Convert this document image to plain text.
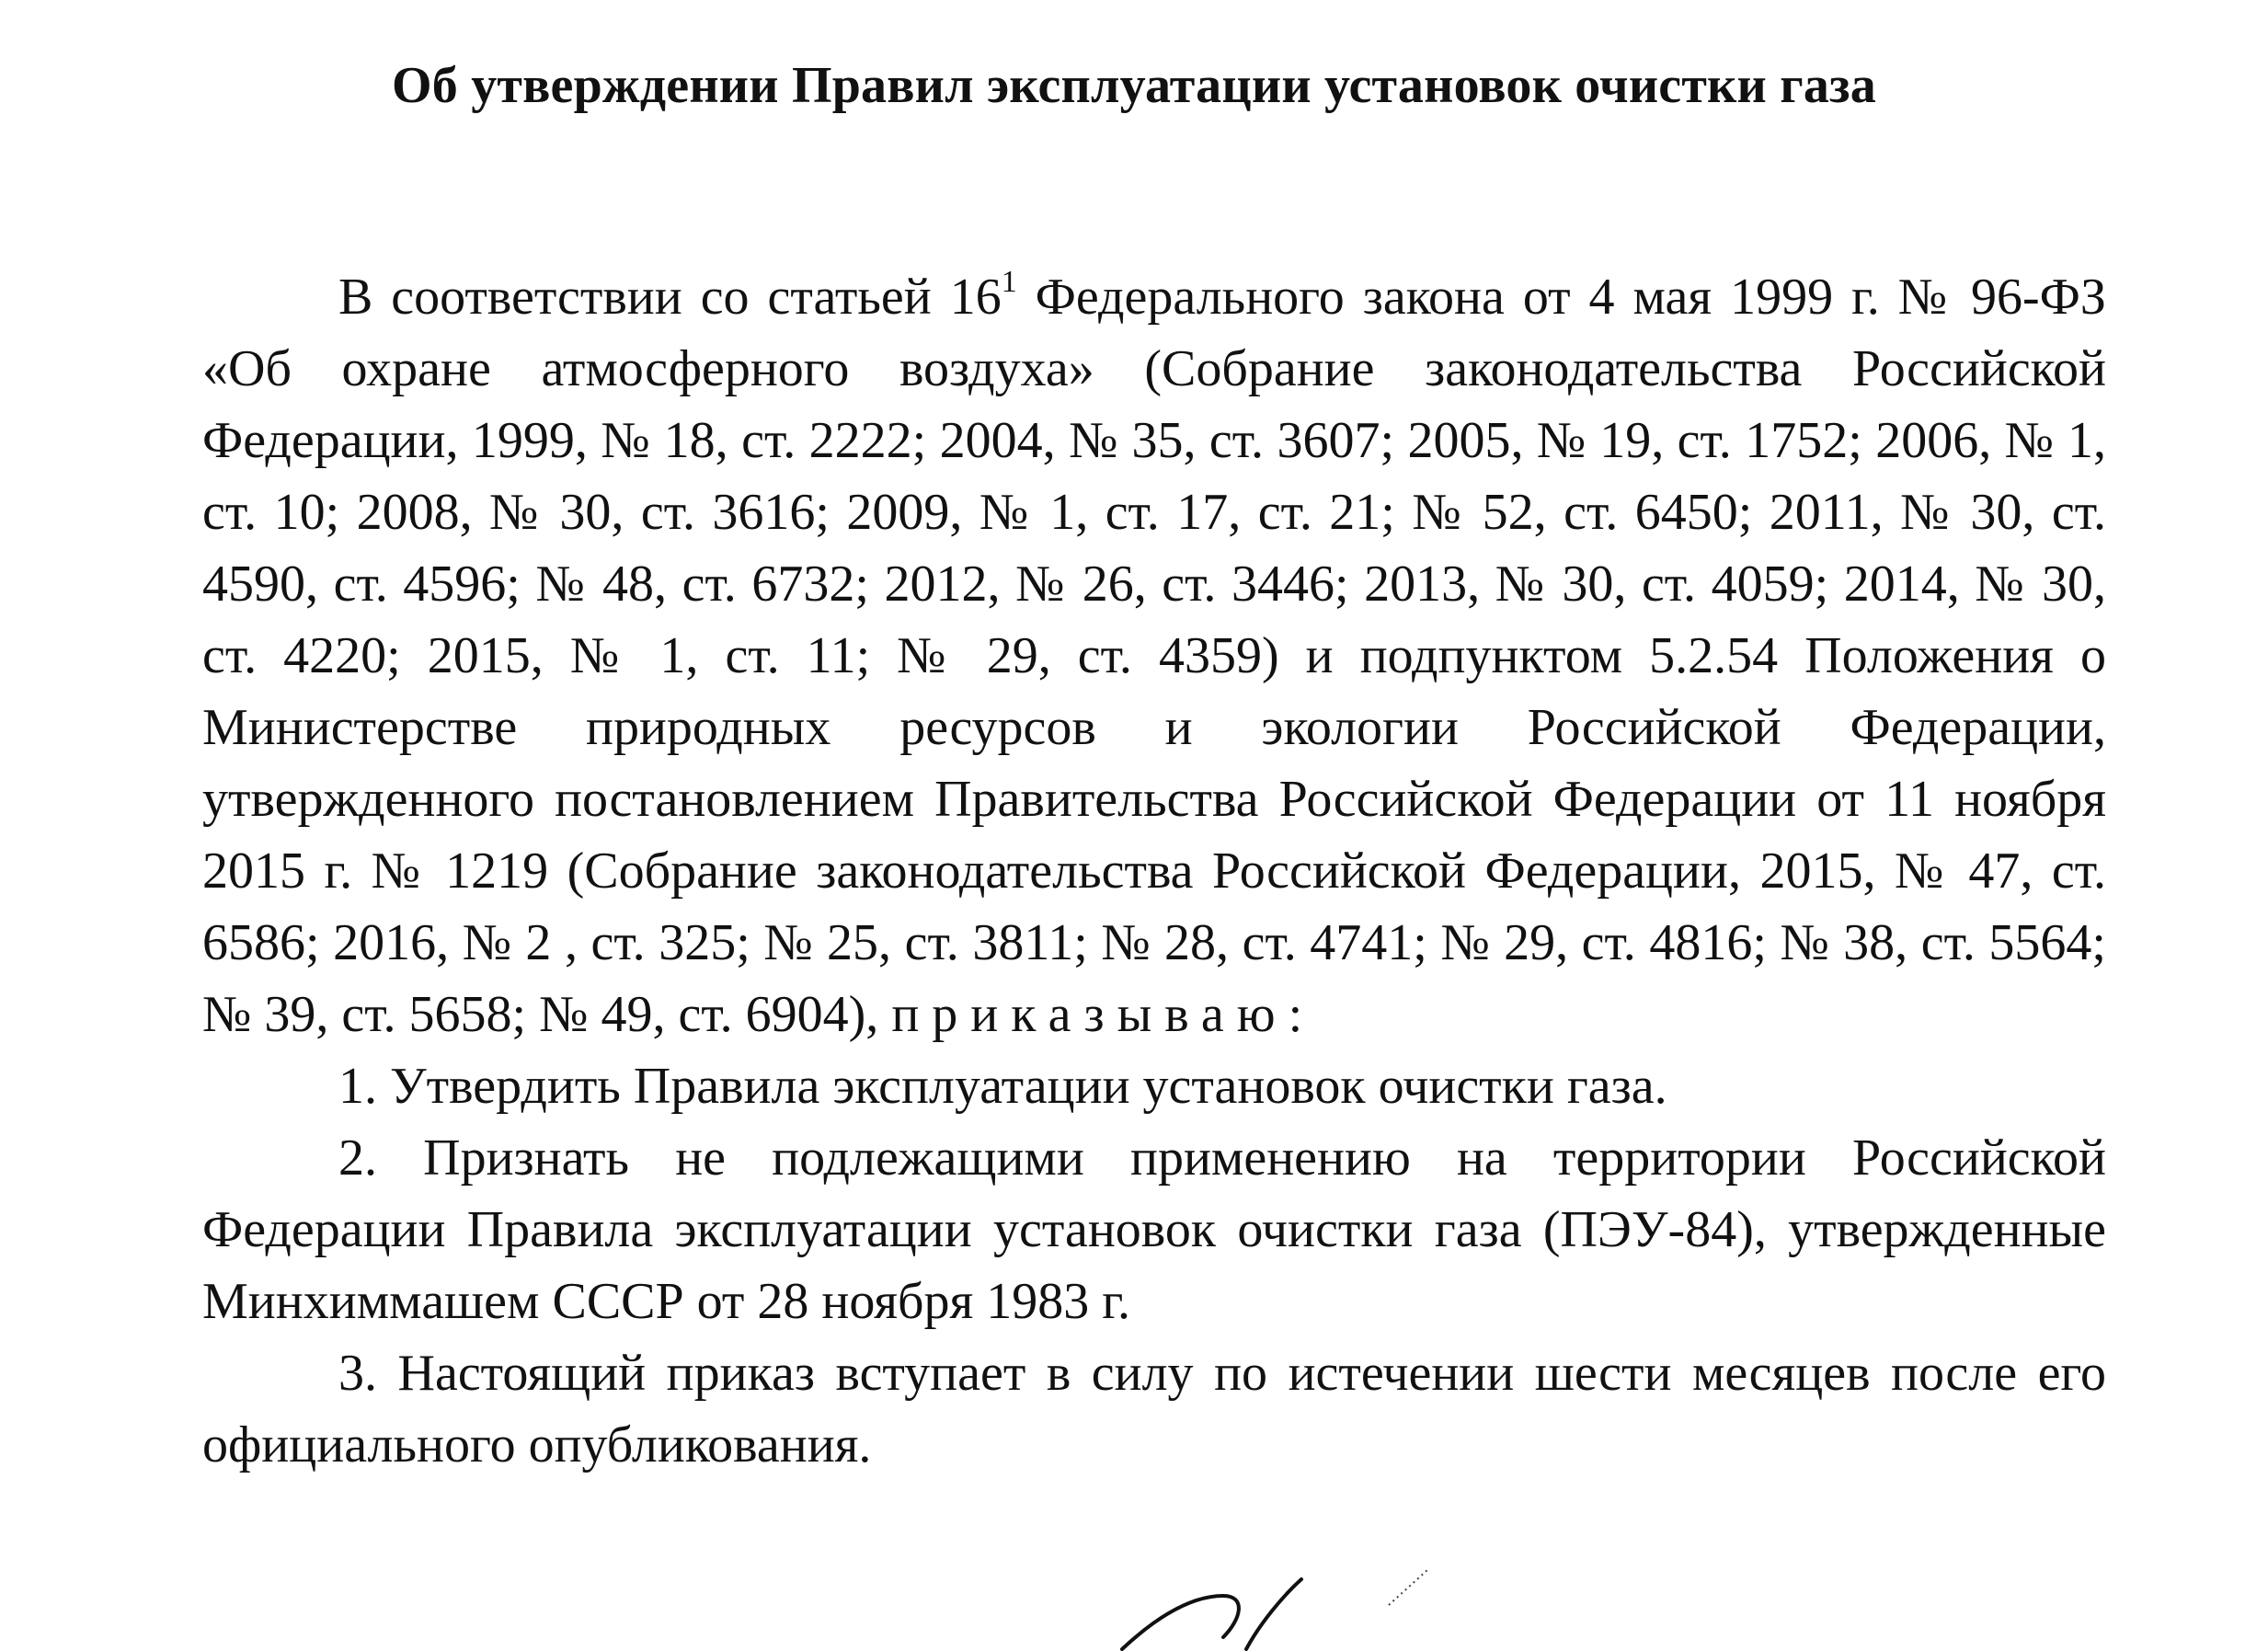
Об утверждении Правил эксплуатации установок очистки газа

В соответствии со статьей $16^1$ Федерального закона от 4 мая 1999 г. № 96-ФЗ «Об охране атмосферного воздуха» (Собрание законодательства Российской Федерации, 1999, № 18, ст. 2222; 2004, № 35, ст. 3607; 2005, № 19, ст. 1752; 2006, № 1, ст. 10; 2008, № 30, ст. 3616; 2009, № 1, ст. 17, ст. 21; № 52, ст. 6450; 2011, № 30, ст. 4590, ст. 4596; № 48, ст. 6732; 2012, № 26, ст. 3446; 2013, № 30, ст. 4059; 2014, № 30, ст. 4220; 2015, № 1, ст. 11; № 29, ст. 4359) и подпунктом 5.2.54 Положения о Министерстве природных ресурсов и экологии Российской Федерации, утвержденного постановлением Правительства Российской Федерации от 11 ноября 2015 г. № 1219 (Собрание законодательства Российской Федерации, 2015, № 47, ст. 6586; 2016, № 2 , ст. 325; № 25, ст. 3811; № 28, ст. 4741; № 29, ст. 4816; № 38, ст. 5564; № 39, ст. 5658; № 49, ст. 6904), приказываю:

1. Утвердить Правила эксплуатации установок очистки газа.

2. Признать не подлежащими применению на территории Российской Федерации Правила эксплуатации установок очистки газа (ПЭУ-84), утвержденные Минхиммашем СССР от 28 ноября 1983 г.

3. Настоящий приказ вступает в силу по истечении шести месяцев после его официального опубликования.
